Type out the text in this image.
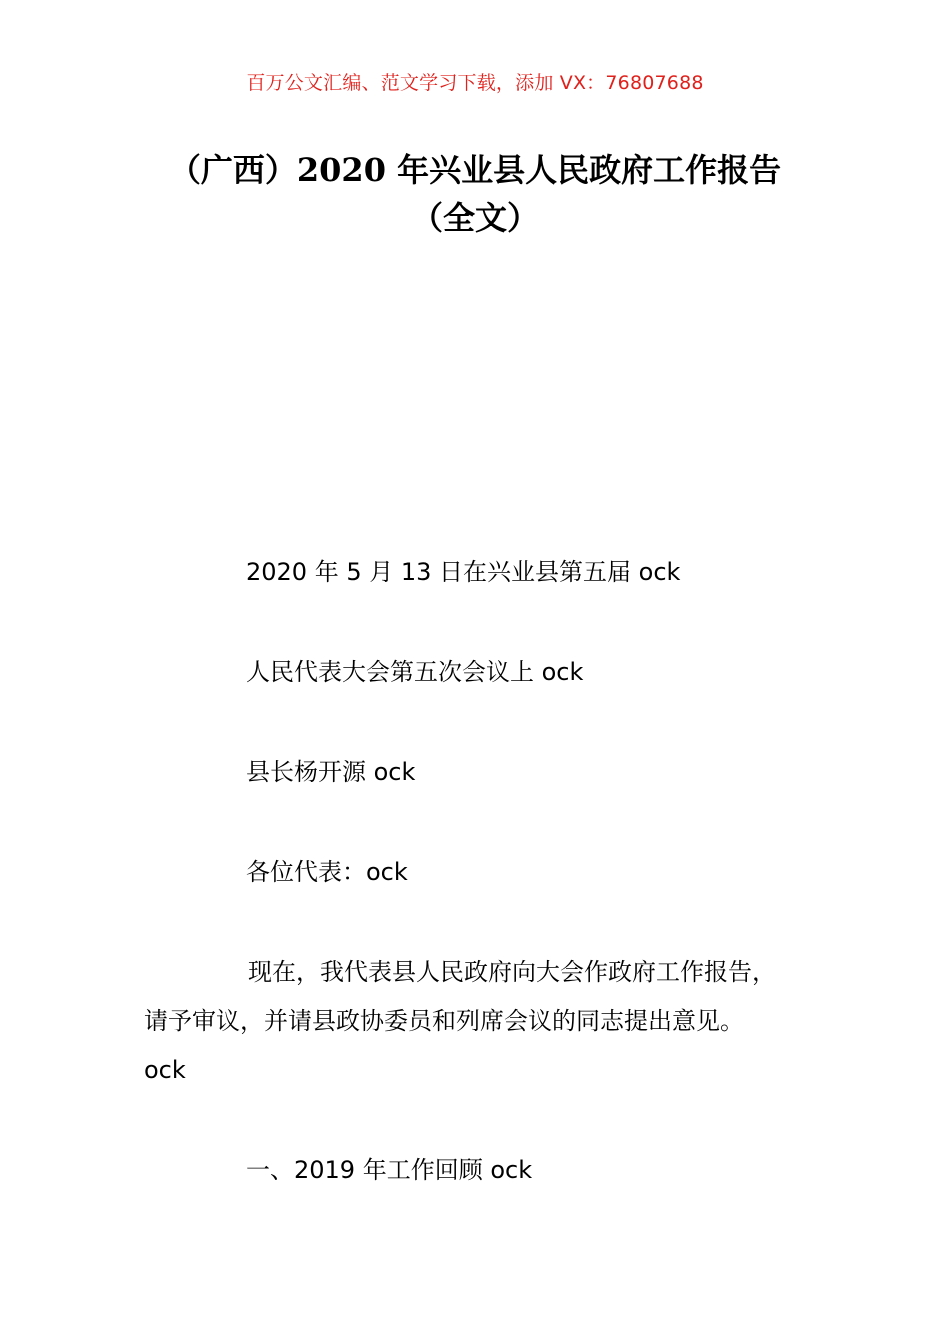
百万公文汇编、范文学习下载，添加 VX：76807688
（广西）2020 年兴业县人民政府工作报告
（全文）
2020 年 5 月 13 日在兴业县第五届 ock
人民代表大会第五次会议上 ock
县长杨开源 ock
各位代表：ock
现在，我代表县人民政府向大会作政府工作报告，
请予审议，并请县政协委员和列席会议的同志提出意见。
ock
一、2019 年工作回顾 ock
